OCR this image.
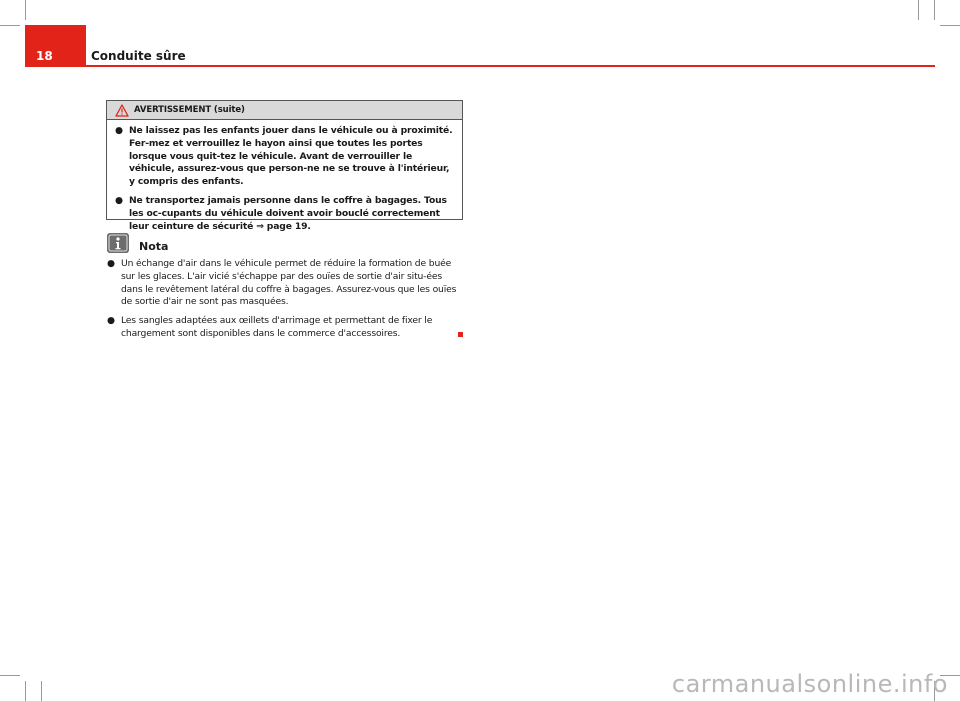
18	Conduite sûre
AVERTISSEMENT (suite)
● Ne laissez pas les enfants jouer dans le véhicule ou à proximité. Fer-mez et verrouillez le hayon ainsi que toutes les portes lorsque vous quit-tez le véhicule. Avant de verrouiller le véhicule, assurez-vous que person-ne ne se trouve à l'intérieur, y compris des enfants.
● Ne transportez jamais personne dans le coffre à bagages. Tous les oc-cupants du véhicule doivent avoir bouclé correctement leur ceinture de sécurité ⇒ page 19.
Nota
● Un échange d'air dans le véhicule permet de réduire la formation de buée sur les glaces. L'air vicié s'échappe par des ouïes de sortie d'air situ-ées dans le revêtement latéral du coffre à bagages. Assurez-vous que les ouïes de sortie d'air ne sont pas masquées.
● Les sangles adaptées aux œillets d'arrimage et permettant de fixer le chargement sont disponibles dans le commerce d'accessoires.
carmanualsonline.info
